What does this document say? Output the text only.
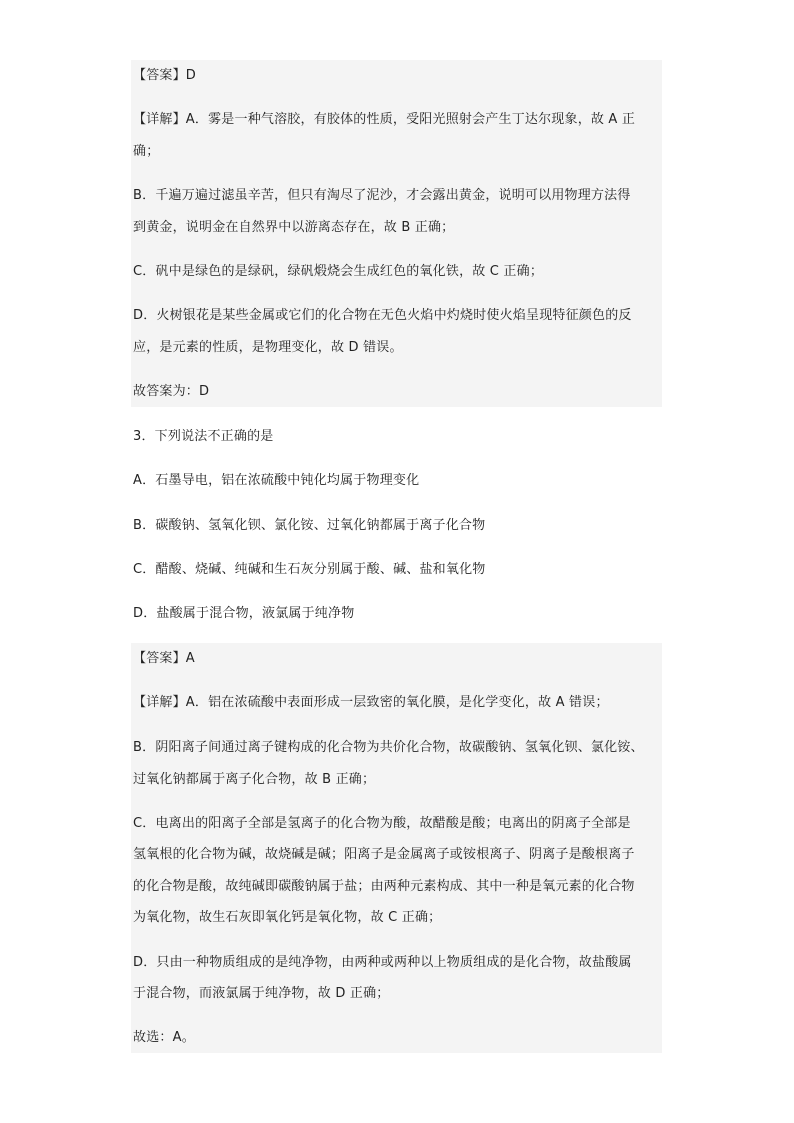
【答案】D
【详解】A．雾是一种气溶胶，有胶体的性质，受阳光照射会产生丁达尔现象，故 A 正
确；
B．千遍万遍过滤虽辛苦，但只有淘尽了泥沙，才会露出黄金，说明可以用物理方法得
到黄金，说明金在自然界中以游离态存在，故 B 正确；
C．矾中是绿色的是绿矾，绿矾煅烧会生成红色的氧化铁，故 C 正确；
D．火树银花是某些金属或它们的化合物在无色火焰中灼烧时使火焰呈现特征颜色的反
应，是元素的性质，是物理变化，故 D 错误。
故答案为：D
3．下列说法不正确的是
A．石墨导电，铝在浓硫酸中钝化均属于物理变化
B．碳酸钠、氢氧化钡、氯化铵、过氧化钠都属于离子化合物
C．醋酸、烧碱、纯碱和生石灰分别属于酸、碱、盐和氧化物
D．盐酸属于混合物，液氯属于纯净物
【答案】A
【详解】A．铝在浓硫酸中表面形成一层致密的氧化膜，是化学变化，故 A 错误；
B．阴阳离子间通过离子键构成的化合物为共价化合物，故碳酸钠、氢氧化钡、氯化铵、
过氧化钠都属于离子化合物，故 B 正确；
C．电离出的阳离子全部是氢离子的化合物为酸，故醋酸是酸；电离出的阴离子全部是
氢氧根的化合物为碱，故烧碱是碱；阳离子是金属离子或铵根离子、阴离子是酸根离子
的化合物是酸，故纯碱即碳酸钠属于盐；由两种元素构成、其中一种是氧元素的化合物
为氧化物，故生石灰即氧化钙是氧化物，故 C 正确；
D．只由一种物质组成的是纯净物，由两种或两种以上物质组成的是化合物，故盐酸属
于混合物，而液氯属于纯净物，故 D 正确；
故选：A。
